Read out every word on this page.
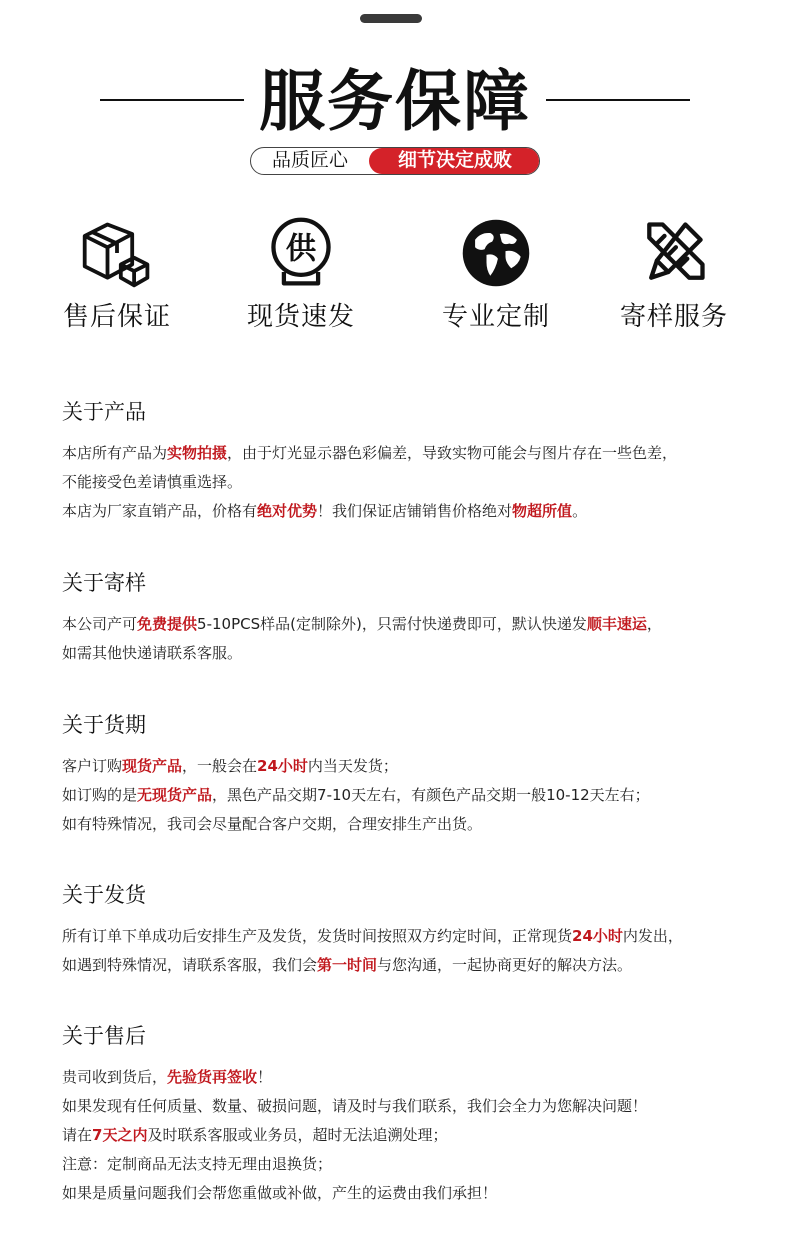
服务保障
品质匠心	细节决定成败
售后保证
供
现货速发	专业定制	寄样服务
关于产品
本店所有产品为实物拍摄，由于灯光显示器色彩偏差，导致实物可能会与图片存在一些色差，
不能接受色差请慎重选择。
本店为厂家直销产品，价格有绝对优势！我们保证店铺销售价格绝对物超所值。
关于寄样
本公司产可免费提供5-10PCS样品(定制除外)，只需付快递费即可，默认快递发顺丰速运，
如需其他快递请联系客服。
关于货期
客户订购现货产品，一般会在24小时内当天发货；
如订购的是无现货产品，黑色产品交期7-10天左右，有颜色产品交期一般10-12天左右；
如有特殊情况，我司会尽量配合客户交期，合理安排生产出货。
关于发货
所有订单下单成功后安排生产及发货，发货时间按照双方约定时间，正常现货24小时内发出，
如遇到特殊情况，请联系客服，我们会第一时间与您沟通，一起协商更好的解决方法。
关于售后
贵司收到货后，先验货再签收！
如果发现有任何质量、数量、破损问题，请及时与我们联系，我们会全力为您解决问题！
请在7天之内及时联系客服或业务员，超时无法追溯处理；
注意：定制商品无法支持无理由退换货；
如果是质量问题我们会帮您重做或补做，产生的运费由我们承担！
